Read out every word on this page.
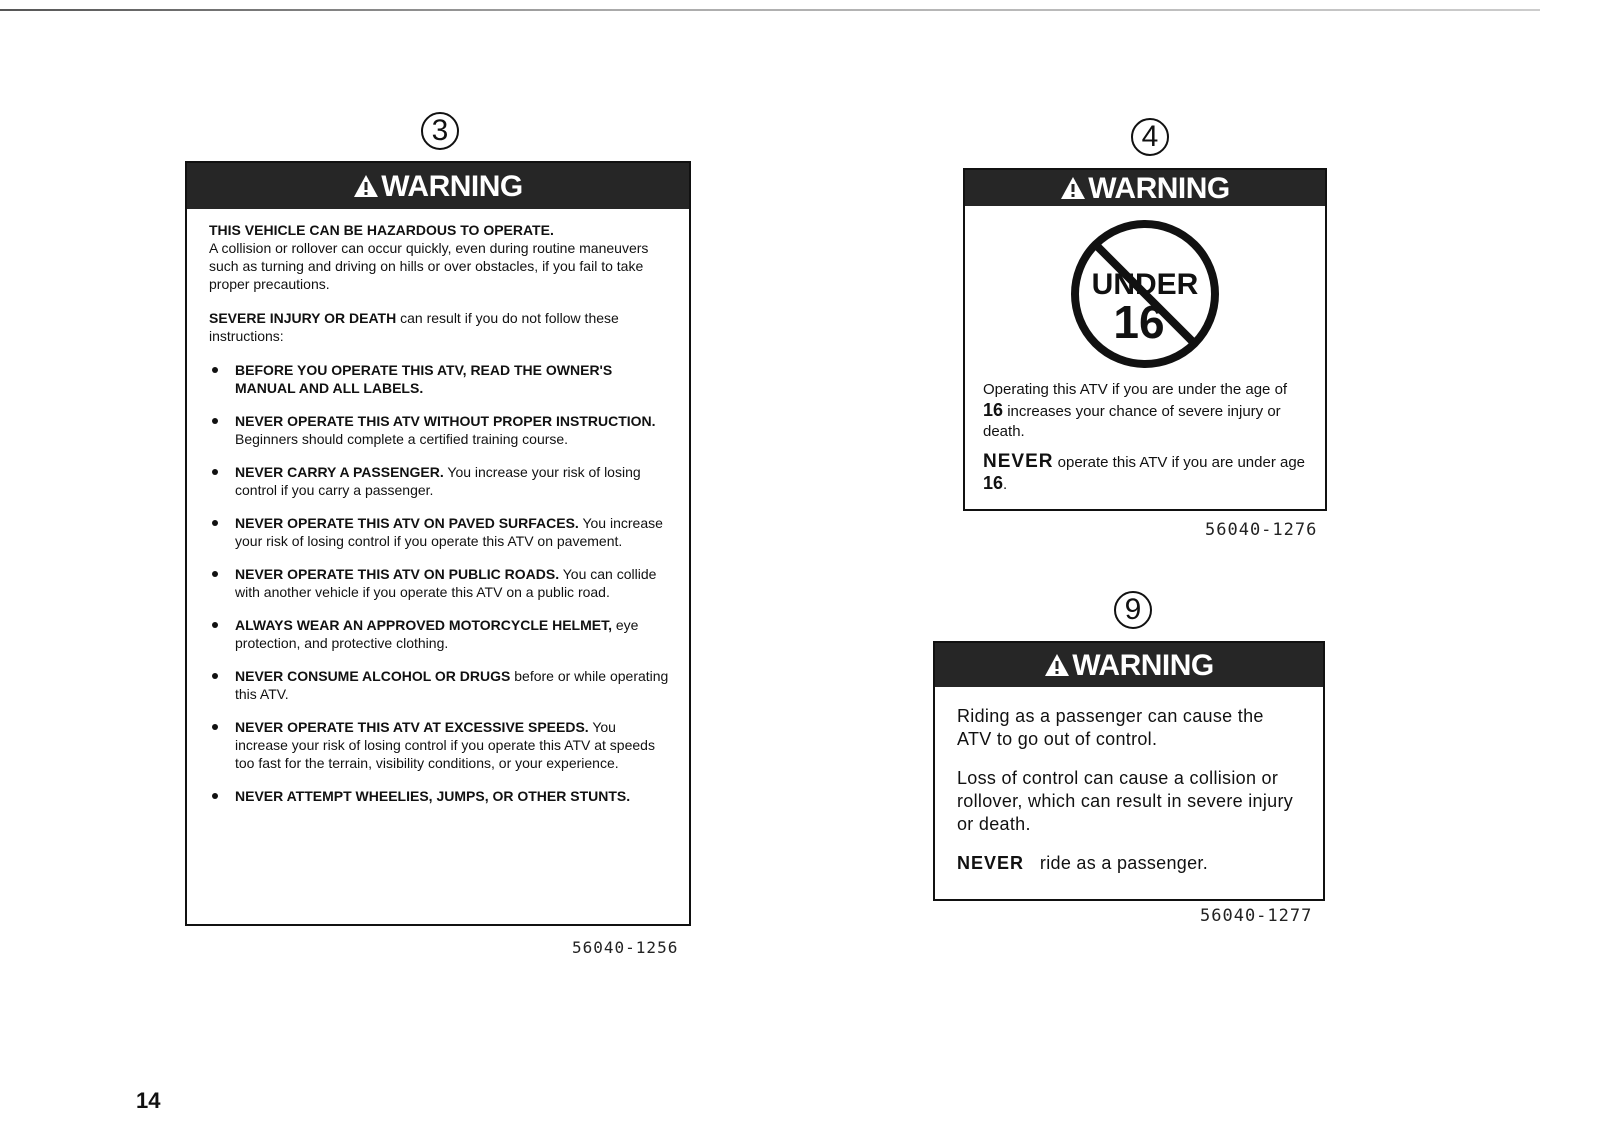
3
WARNING

THIS VEHICLE CAN BE HAZARDOUS TO OPERATE.
A collision or rollover can occur quickly, even during routine maneuvers such as turning and driving on hills or over obstacles, if you fail to take proper precautions.

SEVERE INJURY OR DEATH can result if you do not follow these instructions:

BEFORE YOU OPERATE THIS ATV, READ THE OWNER'S MANUAL AND ALL LABELS.
NEVER OPERATE THIS ATV WITHOUT PROPER INSTRUCTION. Beginners should complete a certified training course.
NEVER CARRY A PASSENGER. You increase your risk of losing control if you carry a passenger.
NEVER OPERATE THIS ATV ON PAVED SURFACES. You increase your risk of losing control if you operate this ATV on pavement.
NEVER OPERATE THIS ATV ON PUBLIC ROADS. You can collide with another vehicle if you operate this ATV on a public road.
ALWAYS WEAR AN APPROVED MOTORCYCLE HELMET, eye protection, and protective clothing.
NEVER CONSUME ALCOHOL OR DRUGS before or while operating this ATV.
NEVER OPERATE THIS ATV AT EXCESSIVE SPEEDS. You increase your risk of losing control if you operate this ATV at speeds too fast for the terrain, visibility conditions, or your experience.
NEVER ATTEMPT WHEELIES, JUMPS, OR OTHER STUNTS.
56040-1256
4
WARNING
UNDER
16

Operating this ATV if you are under the age of 16 increases your chance of severe injury or death.

NEVER operate this ATV if you are under age 16.

56040-1276
9
WARNING

Riding as a passenger can cause the ATV to go out of control.

Loss of control can cause a collision or rollover, which can result in severe injury or death.

NEVER ride as a passenger.

56040-1277
14
